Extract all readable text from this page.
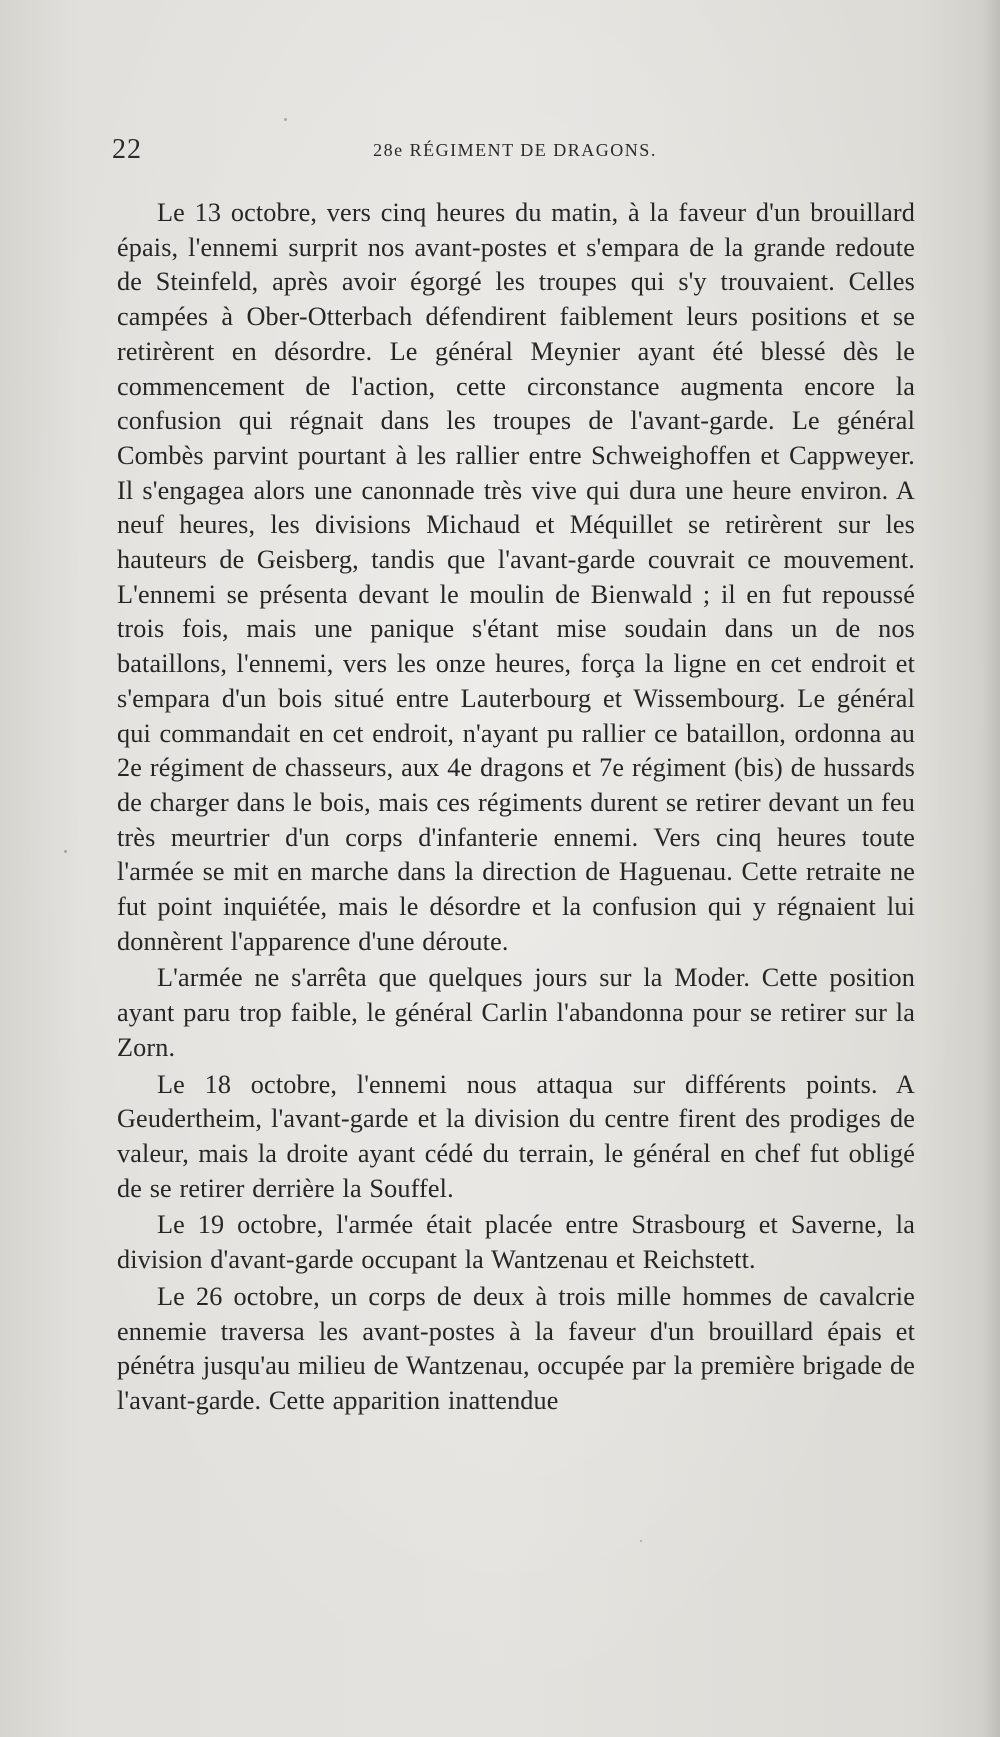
22	28e RÉGIMENT DE DRAGONS.

Le 13 octobre, vers cinq heures du matin, à la faveur d'un brouillard épais, l'ennemi surprit nos avant-postes et s'empara de la grande redoute de Steinfeld, après avoir égorgé les troupes qui s'y trouvaient. Celles campées à Ober-Otterbach défendirent faiblement leurs positions et se retirèrent en désordre. Le général Meynier ayant été blessé dès le commencement de l'action, cette circonstance augmenta encore la confusion qui régnait dans les troupes de l'avant-garde. Le général Combès parvint pourtant à les rallier entre Schweighoffen et Cappweyer. Il s'engagea alors une canonnade très vive qui dura une heure environ. A neuf heures, les divisions Michaud et Méquillet se retirèrent sur les hauteurs de Geisberg, tandis que l'avant-garde couvrait ce mouvement. L'ennemi se présenta devant le moulin de Bienwald ; il en fut repoussé trois fois, mais une panique s'étant mise soudain dans un de nos bataillons, l'ennemi, vers les onze heures, força la ligne en cet endroit et s'empara d'un bois situé entre Lauterbourg et Wissembourg. Le général qui commandait en cet endroit, n'ayant pu rallier ce bataillon, ordonna au 2e régiment de chasseurs, aux 4e dragons et 7e régiment (bis) de hussards de charger dans le bois, mais ces régiments durent se retirer devant un feu très meurtrier d'un corps d'infanterie ennemi. Vers cinq heures toute l'armée se mit en marche dans la direction de Haguenau. Cette retraite ne fut point inquiétée, mais le désordre et la confusion qui y régnaient lui donnèrent l'apparence d'une déroute.

L'armée ne s'arrêta que quelques jours sur la Moder. Cette position ayant paru trop faible, le général Carlin l'abandonna pour se retirer sur la Zorn.

Le 18 octobre, l'ennemi nous attaqua sur différents points. A Geudertheim, l'avant-garde et la division du centre firent des prodiges de valeur, mais la droite ayant cédé du terrain, le général en chef fut obligé de se retirer derrière la Souffel.

Le 19 octobre, l'armée était placée entre Strasbourg et Saverne, la division d'avant-garde occupant la Wantzenau et Reichstett.

Le 26 octobre, un corps de deux à trois mille hommes de cavalcrie ennemie traversa les avant-postes à la faveur d'un brouillard épais et pénétra jusqu'au milieu de Wantzenau, occupée par la première brigade de l'avant-garde. Cette apparition inattendue
